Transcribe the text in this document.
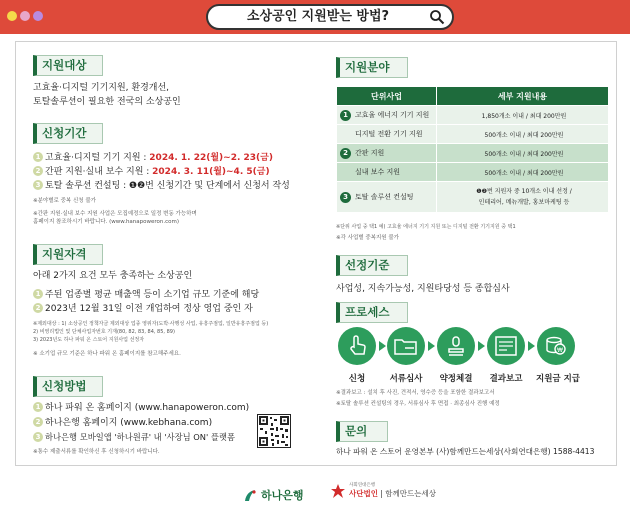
소상공인 지원받는 방법?
지원대상
고효율·디지털 기기지원, 환경개선,
토탈솔루션이 필요한 전국의 소상공인
신청기간
1 고효율·디지털 기기 지원 : 2024. 1. 22(월)~2. 23(금)
2 간판 지원·실내 보수 지원 : 2024. 3. 11(월)~4. 5(금)
3 토탈 솔루션 컨설팅 : ❶❷번 신청기간 및 단계에서 신청서 작성
※분야별로 중복 신청 불가
※간판 지원·실내 보수 지원 사업은 모집예정으로 일정 변동 가능하며
홈페이지 참조하시기 바랍니다. (www.hanapoweron.com)
지원자격
아래 2가지 요건 모두 충족하는 소상공인
1 주된 업종별 평균 매출액 등이 소기업 규모 기준에 해당
2 2023년 12월 31일 이전 개업하여 정상 영업 중인 자
※제외대상 : 1) 소상공인 정책자금 제외대상 업종 영위자(도박·사행성 사업, 유흥주점업, 일반유흥주점업 등)
2) 비영리법인 및 단체사업자번호 기재(80, 82, 83, 84, 85, 89)
3) 2023년도 하나 파워 온 스토어 지원사업 선정자
※ 소기업 규모 기준은 하나 파워 온 홈페이지를 참고해주세요.
신청방법
1 하나 파워 온 홈페이지 (www.hanapoweron.com)
2 하나은행 홈페이지 (www.kebhana.com)
3 하나은행 모바일앱 '하나원큐' 내 '사장님 ON' 플랫폼
※통수 제출서류를 확인하신 후 신청하시기 바랍니다.
지원분야
단위사업	세부 지원내용
1 고효율 에너지 기기 지원	1,850개소 이내 / 최대 200만원
디지털 전환 기기 지원	500개소 이내 / 최대 200만원
2 간판 지원	500개소 이내 / 최대 200만원
실내 보수 지원	500개소 이내 / 최대 200만원
3 토탈 솔루션 컨설팅	❶❷번 지원자 중 10개소 이내 선정 /
인테리어, 메뉴개발, 홍보마케팅 등
※단위 사업 중 택1 예) 고효율 에너지 기기 지원 또는 디지털 전환 기기지원 중 택1
※각 사업별 중복지원 불가
선정기준
사업성, 지속가능성, 지원타당성 등 종합심사
프로세스
₩
신청	서류심사	약정체결	결과보고	지원금 지급
※결과보고 : 설치 후 사진, 견적서, 영수증 등을 포함한 결과보고서
※토탈 솔루션 컨설팅의 경우, 서류심사 후 면접 · 최종심사 진행 예정
문의
하나 파워 온 스토어 운영본부 (사)함께만드는세상(사회연대은행) 1588-4413
하나은행
사회연대은행
사단법인 | 함께만드는세상
